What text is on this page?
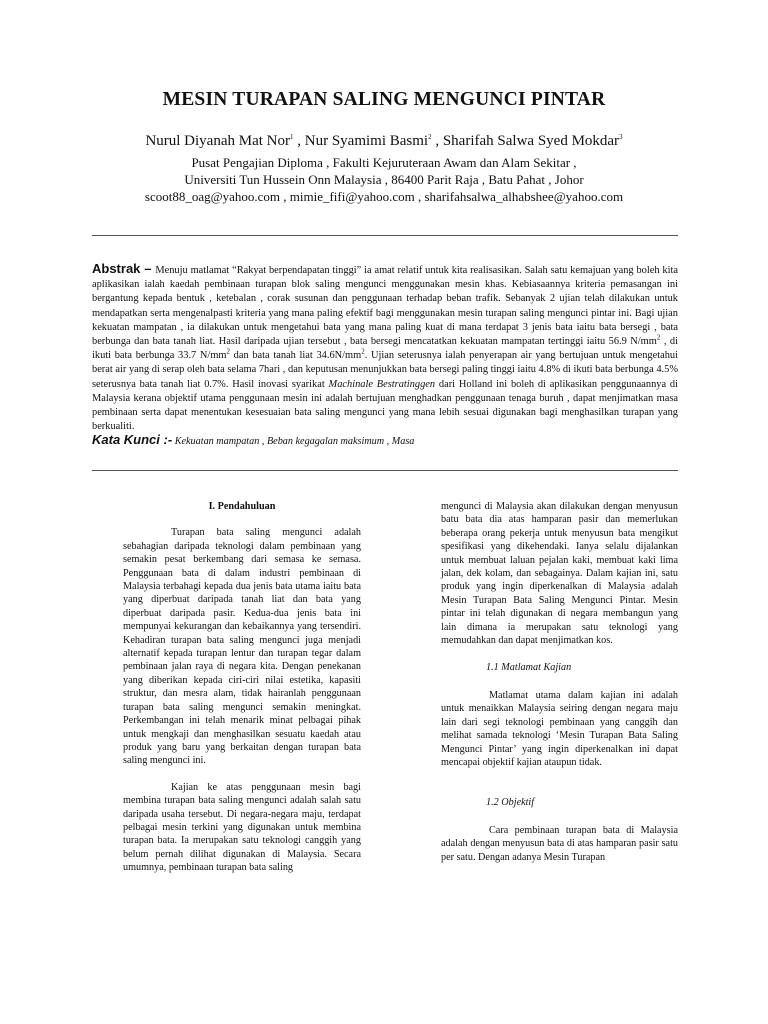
MESIN TURAPAN SALING MENGUNCI PINTAR
Nurul Diyanah Mat Nor$^1$ , Nur Syamimi Basmi$^2$ , Sharifah Salwa Syed Mokdar$^3$
Pusat Pengajian Diploma , Fakulti Kejuruteraan Awam dan Alam Sekitar ,
Universiti Tun Hussein Onn Malaysia , 86400 Parit Raja , Batu Pahat , Johor
scoot88_oag@yahoo.com , mimie_fifi@yahoo.com , sharifahsalwa_alhabshee@yahoo.com
Abstrak – Menuju matlamat “Rakyat berpendapatan tinggi” ia amat relatif untuk kita realisasikan. Salah satu kemajuan yang boleh kita aplikasikan ialah kaedah pembinaan turapan blok saling mengunci menggunakan mesin khas. Kebiasaannya kriteria pemasangan ini bergantung kepada bentuk , ketebalan , corak susunan dan penggunaan terhadap beban trafik. Sebanyak 2 ujian telah dilakukan untuk mendapatkan serta mengenalpasti kriteria yang mana paling efektif bagi menggunakan mesin turapan saling mengunci pintar ini. Bagi ujian kekuatan mampatan , ia dilakukan untuk mengetahui bata yang mana paling kuat di mana terdapat 3 jenis bata iaitu bata bersegi , bata berbunga dan bata tanah liat. Hasil daripada ujian tersebut , bata bersegi mencatatkan kekuatan mampatan tertinggi iaitu 56.9 $N/mm^2$ , di ikuti bata berbunga 33.7 $N/mm^2$ dan bata tanah liat $34.6N/mm^2$. Ujian seterusnya ialah penyerapan air yang bertujuan untuk mengetahui berat air yang di serap oleh bata selama 7hari , dan keputusan menunjukkan bata bersegi paling tinggi iaitu 4.8% di ikuti bata berbunga 4.5% seterusnya bata tanah liat 0.7%. Hasil inovasi syarikat Machinale Bestratinggen dari Holland ini boleh di aplikasikan penggunaannya di Malaysia kerana objektif utama penggunaan mesin ini adalah bertujuan menghadkan penggunaan tenaga buruh , dapat menjimatkan masa pembinaan serta dapat menentukan kesesuaian bata saling mengunci yang mana lebih sesuai digunakan bagi menghasilkan turapan yang berkualiti.
Kata Kunci :- Kekuatan mampatan , Beban kegagalan maksimum , Masa

I. Pendahuluan

Turapan bata saling mengunci adalah sebahagian daripada teknologi dalam pembinaan yang semakin pesat berkembang dari semasa ke semasa. Penggunaan bata di dalam industri pembinaan di Malaysia terbahagi kepada dua jenis bata utama iaitu bata yang diperbuat daripada tanah liat dan bata yang diperbuat daripada pasir. Kedua-dua jenis bata ini mempunyai kekurangan dan kebaikannya yang tersendiri. Kehadiran turapan bata saling mengunci juga menjadi alternatif kepada turapan lentur dan turapan tegar dalam pembinaan jalan raya di negara kita. Dengan penekanan yang diberikan kepada ciri-ciri nilai estetika, kapasiti struktur, dan mesra alam, tidak hairanlah penggunaan turapan bata saling mengunci semakin meningkat. Perkembangan ini telah menarik minat pelbagai pihak untuk mengkaji dan menghasilkan sesuatu kaedah atau produk yang baru yang berkaitan dengan turapan bata saling mengunci ini.

Kajian ke atas penggunaan mesin bagi membina turapan bata saling mengunci adalah salah satu daripada usaha tersebut. Di negara-negara maju, terdapat pelbagai mesin terkini yang digunakan untuk membina turapan bata. Ia merupakan satu teknologi canggih yang belum pernah dilihat digunakan di Malaysia. Secara umumnya, pembinaan turapan bata saling

mengunci di Malaysia akan dilakukan dengan menyusun batu bata dia atas hamparan pasir dan memerlukan beberapa orang pekerja untuk menyusun bata mengikut spesifikasi yang dikehendaki. Ianya selalu dijalankan untuk membuat laluan pejalan kaki, membuat kaki lima jalan, dek kolam, dan sebagainya. Dalam kajian ini, satu produk yang ingin diperkenalkan di Malaysia adalah Mesin Turapan Bata Saling Mengunci Pintar. Mesin pintar ini telah digunakan di negara membangun yang lain dimana ia merupakan satu teknologi yang memudahkan dan dapat menjimatkan kos.

1.1 Matlamat Kajian

Matlamat utama dalam kajian ini adalah untuk menaikkan Malaysia seiring dengan negara maju lain dari segi teknologi pembinaan yang canggih dan melihat samada teknologi ‘Mesin Turapan Bata Saling Mengunci Pintar’ yang ingin diperkenalkan ini dapat mencapai objektif kajian ataupun tidak.

1.2 Objektif

Cara pembinaan turapan bata di Malaysia adalah dengan menyusun bata di atas hamparan pasir satu per satu. Dengan adanya Mesin Turapan
